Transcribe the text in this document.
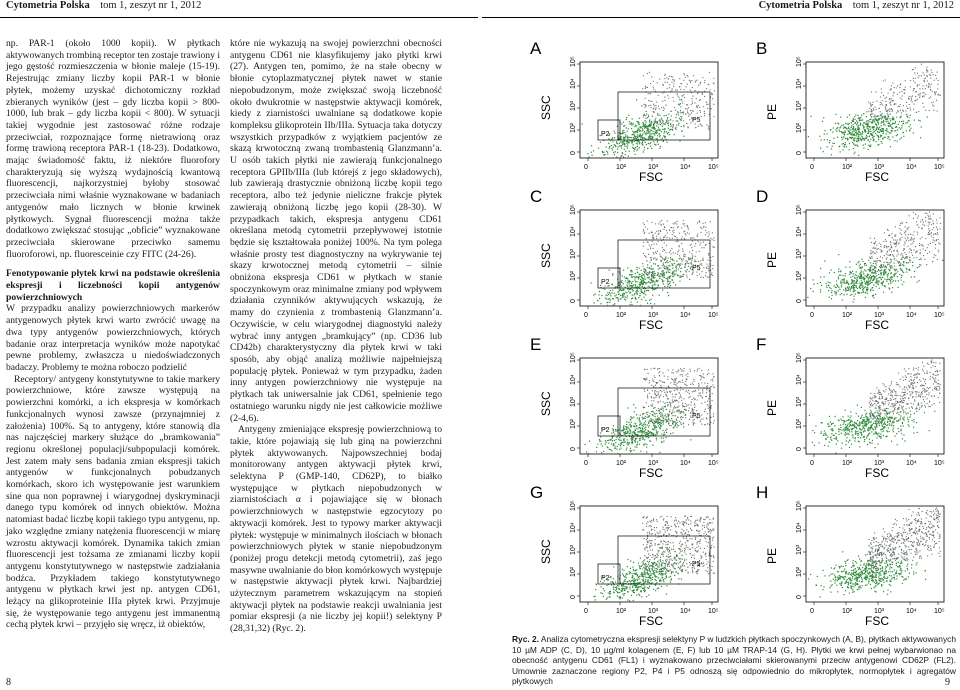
Cytometria Polska tom 1, zeszyt nr 1, 2012	Cytometria Polska tom 1, zeszyt nr 1, 2012

np. PAR-1 (około 1000 kopii). W płytkach aktywowanych trombiną receptor ten zostaje trawiony i jego gęstość rozmieszczenia w błonie maleje (15-19). Rejestrując zmiany liczby kopii PAR-1 w błonie płytek, możemy uzyskać dichotomiczny rozkład zbieranych wyników (jest – gdy liczba kopii > 800-1000, lub brak – gdy liczba kopii < 800). W sytuacji takiej wygodnie jest zastosować różne rodzaje przeciwciał, rozpoznające formę nietrawioną oraz formę trawioną receptora PAR-1 (18-23). Dodatkowo, mając świadomość faktu, iż niektóre fluorofory charakteryzują się wyższą wydajnością kwantową fluorescencji, najkorzystniej byłoby stosować przeciwciała nimi właśnie wyznakowane w badaniach antygenów mało licznych w błonie krwinek płytkowych. Sygnał fluorescencji można także dodatkowo zwiększać stosując „obficie” wyznakowane przeciwciała skierowane przeciwko samemu fluoroforowi, np. fluoresceinie czy FITC (24-26).

Fenotypowanie płytek krwi na podstawie określenia ekspresji i liczebności kopii antygenów powierzchniowych

W przypadku analizy powierzchniowych markerów antygenowych płytek krwi warto zwrócić uwagę na dwa typy antygenów powierzchniowych, których badanie oraz interpretacja wyników może napotykać pewne problemy, zwłaszcza u niedoświadczonych badaczy. Problemy te można roboczo podzielić

Receptory/ antygeny konstytutywne to takie markery powierzchniowe, które zawsze występują na powierzchni komórki, a ich ekspresja w komórkach funkcjonalnych wynosi zawsze (przynajmniej z założenia) 100%. Są to antygeny, które stanowią dla nas najczęściej markery służące do „bramkowania” regionu określonej populacji/subpopulacji komórek. Jest zatem mały sens badania zmian ekspresji takich antygenów w funkcjonalnych pobudzanych komórkach, skoro ich występowanie jest warunkiem sine qua non poprawnej i wiarygodnej dyskryminacji danego typu komórek od innych obiektów. Można natomiast badać liczbę kopii takiego typu antygenu, np. jako względne zmiany natężenia fluorescencji w miarę wzrostu aktywacji komórek. Dynamika takich zmian fluorescencji jest tożsama ze zmianami liczby kopii antygenu konstytutywnego w następstwie zadziałania bodźca. Przykładem takiego konstytutywnego antygenu w płytkach krwi jest np. antygen CD61, leżący na glikoproteinie IIIa płytek krwi. Przyjmuje się, że występowanie tego antygenu jest immanentną cechą płytek krwi – przyjęło się wręcz, iż obiektów,

które nie wykazują na swojej powierzchni obecności antygenu CD61 nie klasyfikujemy jako płytki krwi (27). Antygen ten, pomimo, że na stałe obecny w błonie cytoplazmatycznej płytek nawet w stanie niepobudzonym, może zwiększać swoją liczebność około dwukrotnie w następstwie aktywacji komórek, kiedy z ziarnistości uwalniane są dodatkowe kopie kompleksu glikoprotein IIb/IIIa. Sytuacja taka dotyczy wszystkich przypadków z wyjątkiem pacjentów ze skazą krwotoczną zwaną trombastenią Glanzmann’a. U osób takich płytki nie zawierają funkcjonalnego receptora GPIIb/IIIa (lub którejś z jego składowych), lub zawierają drastycznie obniżoną liczbę kopii tego receptora, albo też jedynie nieliczne frakcje płytek zawierają obniżoną liczbę jego kopii (28-30). W przypadkach takich, ekspresja antygenu CD61 określana metodą cytometrii przepływowej istotnie będzie się kształtowała poniżej 100%. Na tym polega właśnie prosty test diagnostyczny na wykrywanie tej skazy krwotocznej metodą cytometrii – silnie obniżona ekspresja CD61 w płytkach w stanie spoczynkowym oraz minimalne zmiany pod wpływem działania czynników aktywujących wskazują, że mamy do czynienia z trombastenią Glanzmann’a. Oczywiście, w celu wiarygodnej diagnostyki należy wybrać inny antygen „bramkujący” (np. CD36 lub CD42b) charakterystyczny dla płytek krwi w taki sposób, aby objąć analizą możliwie najpełniejszą populację płytek. Ponieważ w tym przypadku, żaden inny antygen powierzchniowy nie występuje na płytkach tak uniwersalnie jak CD61, spełnienie tego ostatniego warunku nigdy nie jest całkowicie możliwe (2-4,6).

Antygeny zmieniające ekspresję powierzchniową to takie, które pojawiają się lub giną na powierzchni płytek aktywowanych. Najpowszechniej bodaj monitorowany antygen aktywacji płytek krwi, selektyna P (GMP-140, CD62P), to białko występujące w płytkach niepobudzonych w ziarnistościach α i pojawiające się w błonach powierzchniowych w następstwie egzocytozy po aktywacji komórek. Jest to typowy marker aktywacji płytek: występuje w minimalnych ilościach w błonach powierzchniowych płytek w stanie niepobudzonym (poniżej progu detekcji metodą cytometrii), zaś jego masywne uwalnianie do błon komórkowych występuje w następstwie aktywacji płytek krwi. Najbardziej użytecznym parametrem wskazującym na stopień aktywacji płytek na podstawie reakcji uwalniania jest pomiar ekspresji (a nie liczby jej kopii!) selektyny P (28,31,32) (Ryc. 2).

A
SSC
0
10²
10³
10⁴
10⁵
0	10²	10³	10⁴ 10⁵
FSC
P5
P2
B
PE
0
10²
10³
10⁴
10⁵
0	10²	10³	10⁴ 10⁵
FSC
C
SSC
0
10²
10³
10⁴
10⁵
0	10²	10³	10⁴ 10⁵
FSC
P5
P2
D
PE
0
10²
10³
10⁴
10⁵
0	10²	10³	10⁴ 10⁵
FSC
E
SSC
0
10²
10³
10⁴
10⁵
0	10²	10³	10⁴ 10⁵
FSC
P5
P2
F
PE
0
10²
10³
10⁴
10⁵
0	10²	10³	10⁴ 10⁵
FSC
G
SSC
0
10²
10³
10⁴
10⁵
0	10²	10³	10⁴ 10⁵
FSC
P5
P2
H
PE
0
10²
10³
10⁴
10⁵
0	10²	10³	10⁴ 10⁵
FSC
Ryc. 2. Analiza cytometryczna ekspresji selektyny P w ludzkich płytkach spoczynkowych (A, B), płytkach aktywowanych 10 µM ADP (C, D), 10 µg/ml kolagenem (E, F) lub 10 µM TRAP-14 (G, H). Płytki we krwi pełnej wybarwionao na obecność antygenu CD61 (FL1) i wyznakowano przeciwciałami skierowanymi przeciw antygenowi CD62P (FL2). Umownie zaznaczone regiony P2, P4 i P5 odnoszą się odpowiednio do mikropłytek, normopłytek i agregatów płytkowych
8	9
